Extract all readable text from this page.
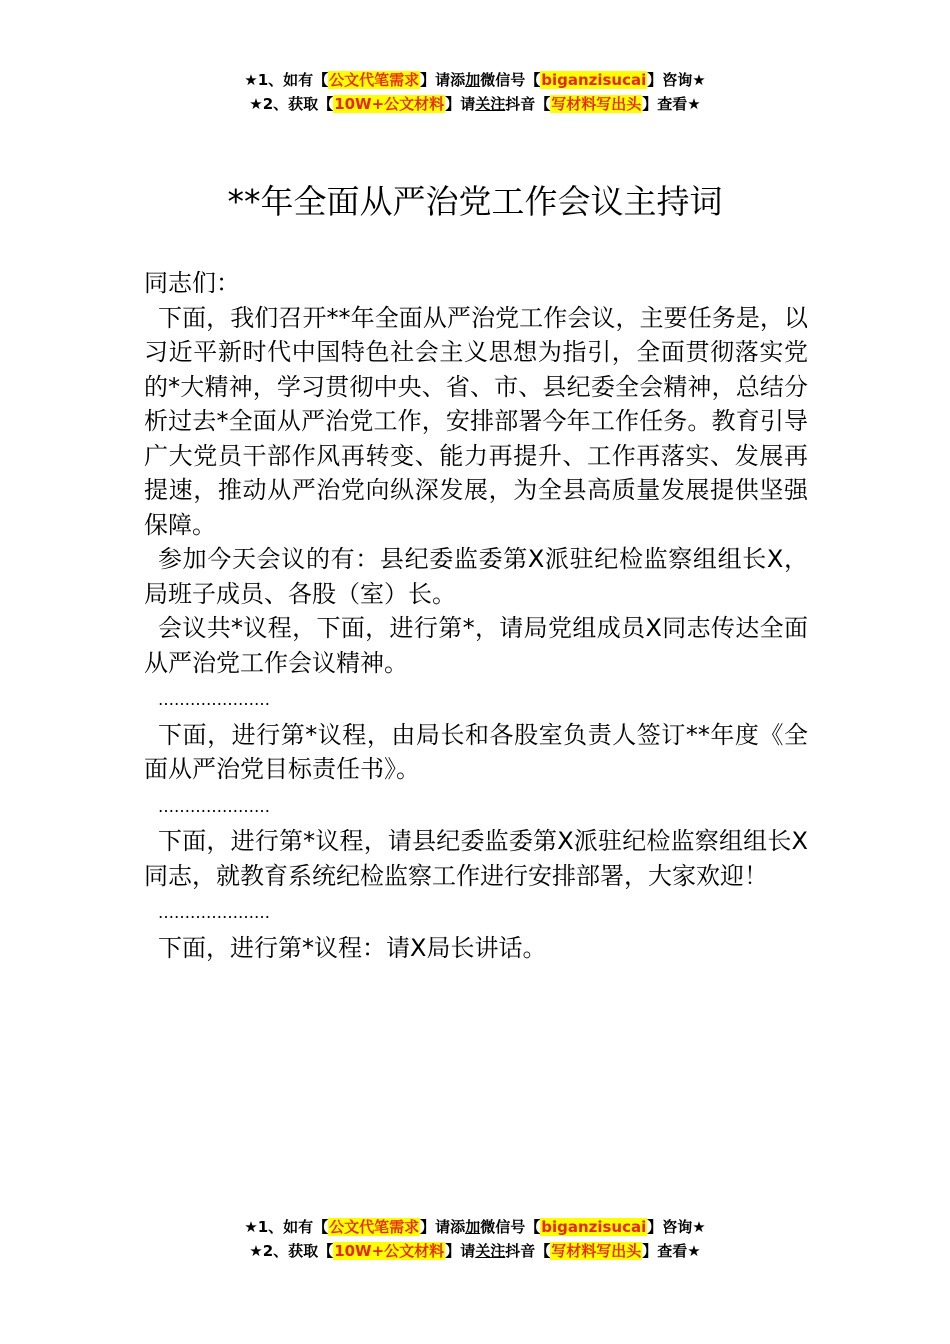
★1、如有【公文代笔需求】请添加微信号【biganzisucai】咨询★
★2、获取【10W+公文材料】请关注抖音【写材料写出头】查看★
**年全面从严治党工作会议主持词

同志们：

下面，我们召开**年全面从严治党工作会议，主要任务是，以习近平新时代中国特色社会主义思想为指引，全面贯彻落实党的*大精神，学习贯彻中央、省、市、县纪委全会精神，总结分析过去*全面从严治党工作，安排部署今年工作任务。教育引导广大党员干部作风再转变、能力再提升、工作再落实、发展再提速，推动从严治党向纵深发展，为全县高质量发展提供坚强保障。

参加今天会议的有：县纪委监委第X派驻纪检监察组组长X，局班子成员、各股（室）长。

会议共*议程，下面，进行第*，请局党组成员X同志传达全面从严治党工作会议精神。

…………………

下面，进行第*议程，由局长和各股室负责人签订**年度《全面从严治党目标责任书》。

…………………

下面，进行第*议程，请县纪委监委第X派驻纪检监察组组长X同志，就教育系统纪检监察工作进行安排部署，大家欢迎！

…………………

下面，进行第*议程：请X局长讲话。

★1、如有【公文代笔需求】请添加微信号【biganzisucai】咨询★
★2、获取【10W+公文材料】请关注抖音【写材料写出头】查看★
